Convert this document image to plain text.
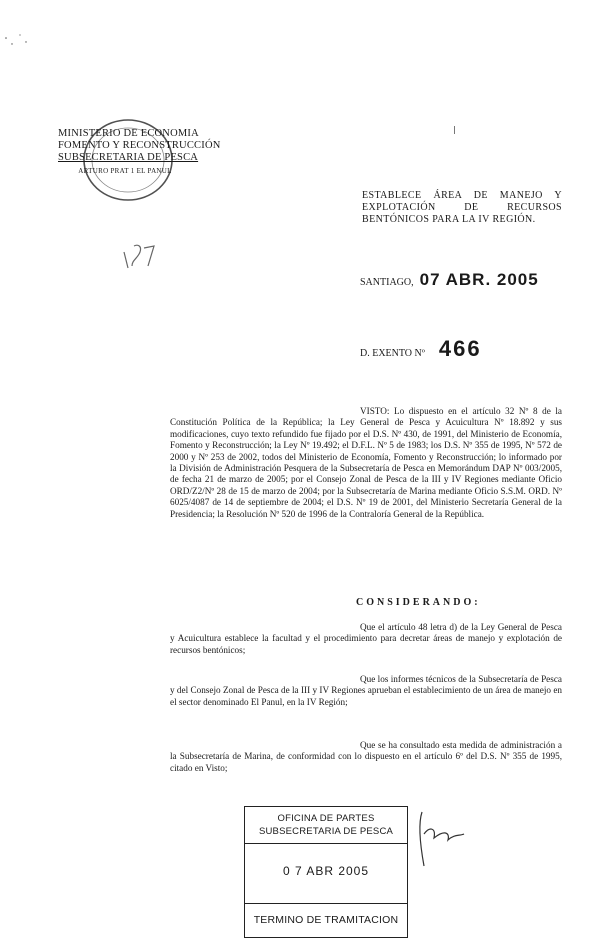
MINISTERIO DE ECONOMIA
FOMENTO Y RECONSTRUCCIÓN
SUBSECRETARIA DE PESCA
ARTURO PRAT 1 EL PANUL
ESTABLECE ÁREA DE MANEJO Y EXPLOTACIÓN DE RECURSOS BENTÓNICOS PARA LA IV REGIÓN.
SANTIAGO, 07 ABR. 2005
D. EXENTO Nº 466
VISTO: Lo dispuesto en el artículo 32 Nº 8 de la Constitución Política de la República; la Ley General de Pesca y Acuicultura Nº 18.892 y sus modificaciones, cuyo texto refundido fue fijado por el D.S. Nº 430, de 1991, del Ministerio de Economía, Fomento y Reconstrucción; la Ley Nº 19.492; el D.F.L. Nº 5 de 1983; los D.S. Nº 355 de 1995, Nº 572 de 2000 y Nº 253 de 2002, todos del Ministerio de Economía, Fomento y Reconstrucción; lo informado por la División de Administración Pesquera de la Subsecretaría de Pesca en Memorándum DAP Nº 003/2005, de fecha 21 de marzo de 2005; por el Consejo Zonal de Pesca de la III y IV Regiones mediante Oficio ORD/Z2/Nº 28 de 15 de marzo de 2004; por la Subsecretaría de Marina mediante Oficio S.S.M. ORD. Nº 6025/4087 de 14 de septiembre de 2004; el D.S. Nº 19 de 2001, del Ministerio Secretaría General de la Presidencia; la Resolución Nº 520 de 1996 de la Contraloría General de la República.
CONSIDERANDO:
Que el artículo 48 letra d) de la Ley General de Pesca y Acuicultura establece la facultad y el procedimiento para decretar áreas de manejo y explotación de recursos bentónicos;
Que los informes técnicos de la Subsecretaría de Pesca y del Consejo Zonal de Pesca de la III y IV Regiones aprueban el establecimiento de un área de manejo en el sector denominado El Panul, en la IV Región;
Que se ha consultado esta medida de administración a la Subsecretaría de Marina, de conformidad con lo dispuesto en el artículo 6º del D.S. Nº 355 de 1995, citado en Visto;
OFICINA DE PARTES
SUBSECRETARIA DE PESCA
0 7 ABR 2005
TERMINO DE TRAMITACION
